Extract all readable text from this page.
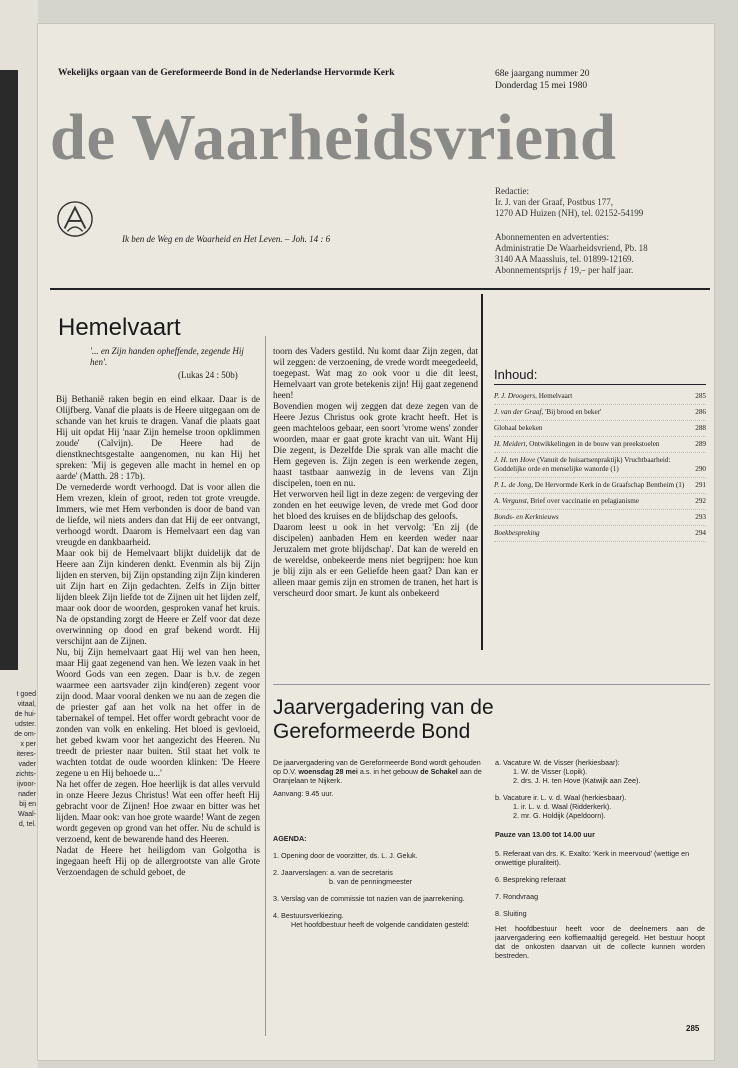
t goed
vitaal,
de hui-
udster.
de om-
x per
iteres-
vader
zichts-
ijvoor-
nader
bij en
Waal-
d, tel.
Wekelijks orgaan van de Gereformeerde Bond in de Nederlandse Hervormde Kerk	68e jaargang nummer 20
Donderdag 15 mei 1980
de Waarheidsvriend
Redactie:
Ir. J. van der Graaf, Postbus 177,
1270 AD Huizen (NH), tel. 02152-54199
Abonnementen en advertenties:
Administratie De Waarheidsvriend, Pb. 18
3140 AA Maassluis, tel. 01899-12169.
Abonnementsprijs ƒ 19,– per half jaar.
Ik ben de Weg en de Waarheid en Het Leven. – Joh. 14 : 6
Hemelvaart
'... en Zijn handen opheffende, zegende Hij hen'.
(Lukas 24 : 50b)

Bij Bethanië raken begin en eind elkaar. Daar is de Olijfberg. Vanaf die plaats is de Heere uitgegaan om de schande van het kruis te dragen. Vanaf die plaats gaat Hij uit opdat Hij 'naar Zijn hemelse troon opklimmen zoude' (Calvijn). De Heere had de dienstknechtsgestalte aangenomen, nu kan Hij het spreken: 'Mij is gegeven alle macht in hemel en op aarde' (Matth. 28 : 17b).

De vernederde wordt verhoogd. Dat is voor allen die Hem vrezen, klein of groot, reden tot grote vreugde. Immers, wie met Hem verbonden is door de band van de liefde, wil niets anders dan dat Hij de eer ontvangt, verhoogd wordt. Daarom is Hemelvaart een dag van vreugde en dankbaarheid.

Maar ook bij de Hemelvaart blijkt duidelijk dat de Heere aan Zijn kinderen denkt. Evenmin als bij Zijn lijden en sterven, bij Zijn opstanding zijn Zijn kinderen uit Zijn hart en Zijn gedachten. Zelfs in Zijn bitter lijden bleek Zijn liefde tot de Zijnen uit het lijden zelf, maar ook door de woorden, gesproken vanaf het kruis. Na de opstanding zorgt de Heere er Zelf voor dat deze overwinning op dood en graf bekend wordt. Hij verschijnt aan de Zijnen.

Nu, bij Zijn hemelvaart gaat Hij wel van hen heen, maar Hij gaat zegenend van hen. We lezen vaak in het Woord Gods van een zegen. Daar is b.v. de zegen waarmee een aartsvader zijn kind(eren) zegent voor zijn dood. Maar vooral denken we nu aan de zegen die de priester gaf aan het volk na het offer in de tabernakel of tempel. Het offer wordt gebracht voor de zonden van volk en enkeling. Het bloed is gevloeid, het gebed kwam voor het aangezicht des Heeren. Nu treedt de priester naar buiten. Stil staat het volk te wachten totdat de oude woorden klinken: 'De Heere zegene u en Hij behoede u...'

Na het offer de zegen. Hoe heerlijk is dat alles vervuld in onze Heere Jezus Christus! Wat een offer heeft Hij gebracht voor de Zijnen! Hoe zwaar en bitter was het lijden. Maar ook: van hoe grote waarde! Want de zegen wordt gegeven op grond van het offer. Nu de schuld is verzoend, kent de bewarende hand des Heeren.

Nadat de Heere het heiligdom van Golgotha is ingegaan heeft Hij op de allergrootste van alle Grote Verzoendagen de schuld geboet, de

toorn des Vaders gestild. Nu komt daar Zijn zegen, dat wil zeggen: de verzoening, de vrede wordt meegedeeld, toegepast. Wat mag zo ook voor u die dit leest, Hemelvaart van grote betekenis zijn! Hij gaat zegenend heen!

Bovendien mogen wij zeggen dat deze zegen van de Heere Jezus Christus ook grote kracht heeft. Het is geen machteloos gebaar, een soort 'vrome wens' zonder woorden, maar er gaat grote kracht van uit. Want Hij Die zegent, is Dezelfde Die sprak van alle macht die Hem gegeven is. Zijn zegen is een werkende zegen, haast tastbaar aanwezig in de levens van Zijn discipelen, toen en nu.

Het verworven heil ligt in deze zegen: de vergeving der zonden en het eeuwige leven, de vrede met God door het bloed des kruises en de blijdschap des geloofs.

Daarom leest u ook in het vervolg: 'En zij (de discipelen) aanbaden Hem en keerden weder naar Jeruzalem met grote blijdschap'. Dat kan de wereld en de wereldse, onbekeerde mens niet begrijpen: hoe kun je blij zijn als er een Geliefde heen gaat? Dan kan er alleen maar gemis zijn en stromen de tranen, het hart is verscheurd door smart. Je kunt als onbekeerd

Inhoud:
P. J. Droogers, Hemelvaart	285
J. van der Graaf, 'Bij brood en beker'	286
Globaal bekeken	288
H. Meidert, Ontwikkelingen in de bouw van preekstoelen	289
J. H. ten Hove (Vanuit de huisartsenpraktijk) Vruchtbaarheid: Goddelijke orde en menselijke wanorde (1)	290
P. L. de Jong, De Hervormde Kerk in de Graafschap Bentheim (1)	291
A. Vergunst, Brief over vaccinatie en pelagianisme	292
Bonds- en Kerknieuws	293
Boekbespreking	294
Jaarvergadering van de
Gereformeerde Bond

De jaarvergadering van de Gereformeerde Bond wordt gehouden op D.V. woensdag 28 mei a.s. in het gebouw de Schakel aan de Oranjelaan te Nijkerk.

Aanvang: 9.45 uur.

AGENDA:

1. Opening door de voorzitter, ds. L. J. Geluk.

2. Jaarverslagen: a. van de secretaris

b. van de penningmeester

3. Verslag van de commissie tot nazien van de jaarrekening.

4. Bestuursverkiezing.

Het hoofdbestuur heeft de volgende candidaten gesteld:

a. Vacature W. de Visser (herkiesbaar):

1. W. de Visser (Lopik).

2. drs. J. H. ten Hove (Katwijk aan Zee).

b. Vacature ir. L. v. d. Waal (herkiesbaar).

1. ir. L. v. d. Waal (Ridderkerk).

2. mr. G. Holdijk (Apeldoorn).

Pauze van 13.00 tot 14.00 uur

5. Referaat van drs. K. Exalto: 'Kerk in meervoud' (wettige en onwettige pluraliteit).

6. Bespreking referaat

7. Rondvraag

8. Sluiting

Het hoofdbestuur heeft voor de deelnemers aan de jaarvergadering een koffiemaaltijd geregeld. Het bestuur hoopt dat de onkosten daarvan uit de collecte kunnen worden bestreden.

285
